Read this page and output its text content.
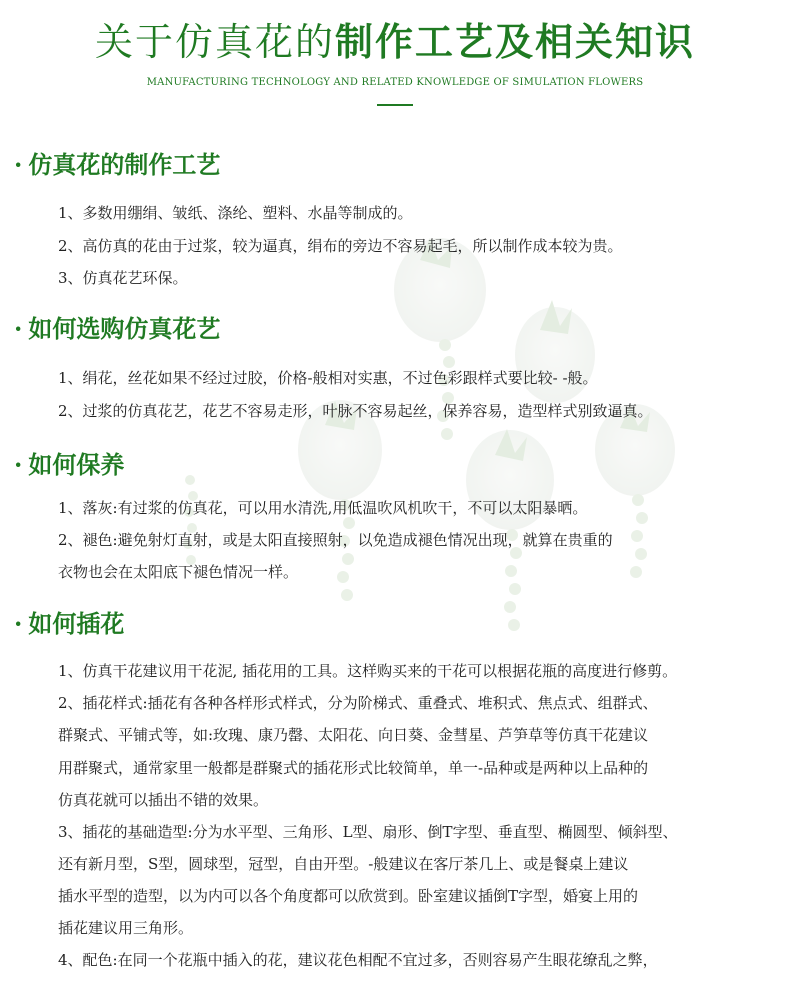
关于仿真花的制作工艺及相关知识
MANUFACTURING TECHNOLOGY AND RELATED KNOWLEDGE OF SIMULATION FLOWERS
· 仿真花的制作工艺
1、多数用绷绢、皱纸、涤纶、塑料、水晶等制成的。
2、高仿真的花由于过浆，较为逼真，绢布的旁边不容易起毛，所以制作成本较为贵。
3、仿真花艺环保。
· 如何选购仿真花艺
1、绢花，丝花如果不经过过胶，价格-般相对实惠，不过色彩跟样式要比较- -般。
2、过浆的仿真花艺，花艺不容易走形，叶脉不容易起丝，保养容易，造型样式别致逼真。
· 如何保养
1、落灰:有过浆的仿真花，可以用水清洗,用低温吹风机吹干，不可以太阳暴晒。
2、褪色:避免射灯直射，或是太阳直接照射，以免造成褪色情况出现，就算在贵重的
衣物也会在太阳底下褪色情况一样。
· 如何插花
1、仿真干花建议用干花泥, 插花用的工具。这样购买来的干花可以根据花瓶的高度进行修剪。
2、插花样式:插花有各种各样形式样式，分为阶梯式、重叠式、堆积式、焦点式、组群式、
群聚式、平铺式等，如:玫瑰、康乃罄、太阳花、向日葵、金彗星、芦笋草等仿真干花建议
用群聚式，通常家里一般都是群聚式的插花形式比较简单，单一-品种或是两种以上品种的
仿真花就可以插出不错的效果。
3、插花的基础造型:分为水平型、三角形、L型、扇形、倒T字型、垂直型、椭圆型、倾斜型、
还有新月型，S型，圆球型，冠型，自由开型。-般建议在客厅茶几上、或是餐桌上建议
插水平型的造型，以为内可以各个角度都可以欣赏到。卧室建议插倒T字型，婚宴上用的
插花建议用三角形。
4、配色:在同一个花瓶中插入的花，建议花色相配不宜过多，否则容易产生眼花缭乱之弊，
